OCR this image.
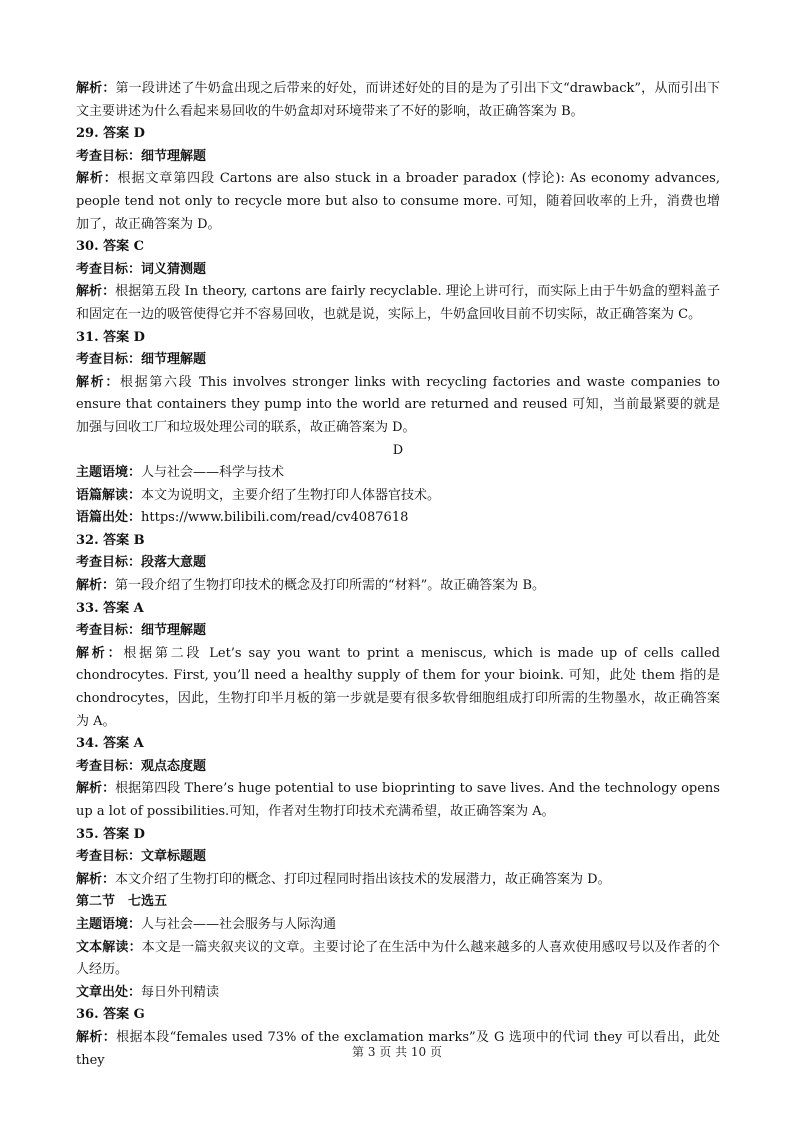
解析：第一段讲述了牛奶盒出现之后带来的好处，而讲述好处的目的是为了引出下文“drawback”，从而引出下文主要讲述为什么看起来易回收的牛奶盒却对环境带来了不好的影响，故正确答案为 B。

29. 答案 D

考查目标：细节理解题

解析：根据文章第四段 Cartons are also stuck in a broader paradox (悖论): As economy advances, people tend not only to recycle more but also to consume more. 可知，随着回收率的上升，消费也增加了，故正确答案为 D。

30. 答案 C

考查目标：词义猜测题

解析：根据第五段 In theory, cartons are fairly recyclable. 理论上讲可行，而实际上由于牛奶盒的塑料盖子和固定在一边的吸管使得它并不容易回收，也就是说，实际上，牛奶盒回收目前不切实际，故正确答案为 C。

31. 答案 D

考查目标：细节理解题

解析：根据第六段 This involves stronger links with recycling factories and waste companies to ensure that containers they pump into the world are returned and reused 可知，当前最紧要的就是加强与回收工厂和垃圾处理公司的联系，故正确答案为 D。

D

主题语境：人与社会——科学与技术

语篇解读：本文为说明文，主要介绍了生物打印人体器官技术。

语篇出处：https://www.bilibili.com/read/cv4087618

32. 答案 B

考查目标：段落大意题

解析：第一段介绍了生物打印技术的概念及打印所需的“材料”。故正确答案为 B。

33. 答案 A

考查目标：细节理解题

解析：根据第二段 Let’s say you want to print a meniscus, which is made up of cells called chondrocytes. First, you’ll need a healthy supply of them for your bioink. 可知，此处 them 指的是 chondrocytes，因此，生物打印半月板的第一步就是要有很多软骨细胞组成打印所需的生物墨水，故正确答案为 A。

34. 答案 A

考查目标：观点态度题

解析：根据第四段 There’s huge potential to use bioprinting to save lives. And the technology opens up a lot of possibilities.可知，作者对生物打印技术充满希望，故正确答案为 A。

35. 答案 D

考查目标：文章标题题

解析：本文介绍了生物打印的概念、打印过程同时指出该技术的发展潜力，故正确答案为 D。

第二节　七选五

主题语境：人与社会——社会服务与人际沟通

文本解读：本文是一篇夹叙夹议的文章。主要讨论了在生活中为什么越来越多的人喜欢使用感叹号以及作者的个人经历。

文章出处：每日外刊精读

36. 答案 G

解析：根据本段“females used 73% of the exclamation marks”及 G 选项中的代词 they 可以看出，此处 they

第 3 页 共 10 页
